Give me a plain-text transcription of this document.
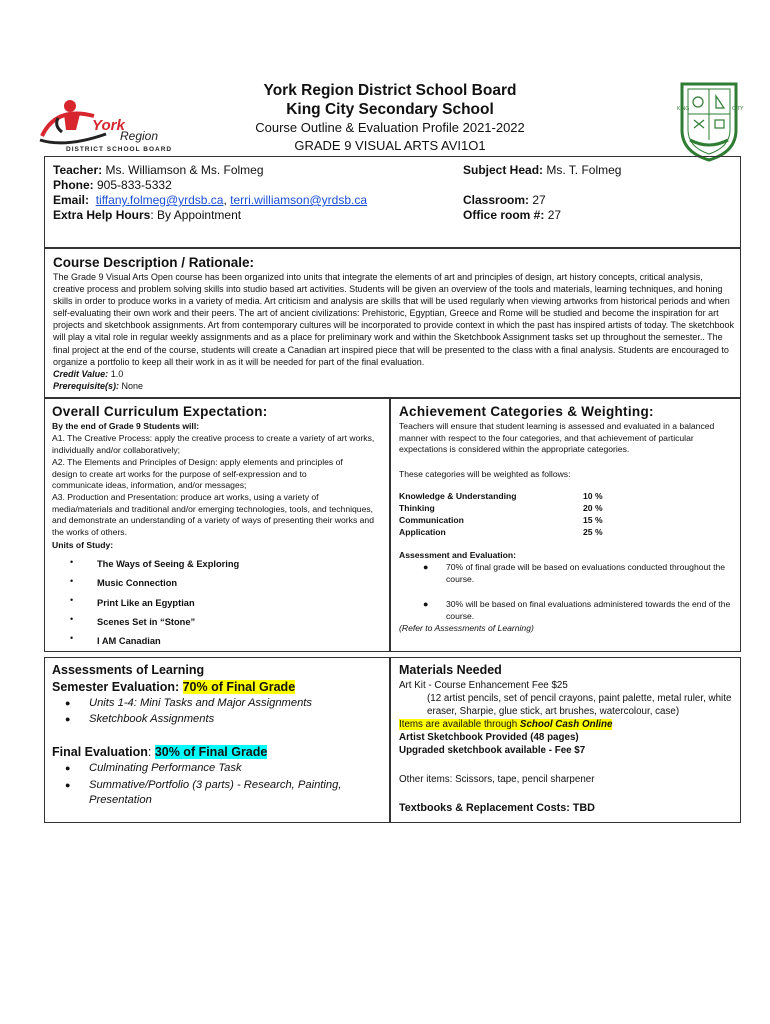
York
Region
DISTRICT SCHOOL BOARD
KING	CITY
York Region District School Board
King City Secondary School
Course Outline & Evaluation Profile 2021-2022
GRADE 9 VISUAL ARTS AVI1O1
Teacher: Ms. Williamson & Ms. Folmeg
Phone: 905-833-5332
Email: tiffany.folmeg@yrdsb.ca, terri.williamson@yrdsb.ca
Extra Help Hours: By Appointment
Subject Head: Ms. T. Folmeg
Classroom: 27
Office room #: 27
Course Description / Rationale:
The Grade 9 Visual Arts Open course has been organized into units that integrate the elements of art and principles of design, art history concepts, critical analysis, creative process and problem solving skills into studio based art activities. Students will be given an overview of the tools and materials, learning techniques, and honing skills in order to produce works in a variety of media. Art criticism and analysis are skills that will be used regularly when viewing artworks from historical periods and when self-evaluating their own work and their peers. The art of ancient civilizations: Prehistoric, Egyptian, Greece and Rome will be studied and become the inspiration for art projects and sketchbook assignments. Art from contemporary cultures will be incorporated to provide context in which the past has inspired artists of today. The sketchbook will play a vital role in regular weekly assignments and as a place for preliminary work and within the Sketchbook Assignment tasks set up throughout the semester.. The final project at the end of the course, students will create a Canadian art inspired piece that will be presented to the class with a final analysis. Students are encouraged to organize a portfolio to keep all their work in as it will be needed for part of the final evaluation.
Credit Value: 1.0
Prerequisite(s): None
Overall Curriculum Expectation:
By the end of Grade 9 Students will:
A1. The Creative Process: apply the creative process to create a variety of art works, individually and/or collaboratively;
A2. The Elements and Principles of Design: apply elements and principles of design to create art works for the purpose of self-expression and to communicate ideas, information, and/or messages;
A3. Production and Presentation: produce art works, using a variety of media/materials and traditional and/or emerging technologies, tools, and techniques, and demonstrate an understanding of a variety of ways of presenting their works and the works of others.
Units of Study:
•	The Ways of Seeing & Exploring
•	Music Connection
•	Print Like an Egyptian
•	Scenes Set in “Stone”
•	I AM Canadian
Achievement Categories & Weighting:
Teachers will ensure that student learning is assessed and evaluated in a balanced manner with respect to the four categories, and that achievement of particular expectations is considered within the appropriate categories.
These categories will be weighted as follows:
Knowledge & Understanding	10 %
Thinking	20 %
Communication	15 %
Application	25 %
Assessment and Evaluation:
● 70% of final grade will be based on evaluations conducted throughout the course.
● 30% will be based on final evaluations administered towards the end of the course.
(Refer to Assessments of Learning)
Assessments of Learning
Semester Evaluation: 70% of Final Grade
● Units 1-4: Mini Tasks and Major Assignments
● Sketchbook Assignments
Final Evaluation: 30% of Final Grade
● Culminating Performance Task
● Summative/Portfolio (3 parts) - Research, Painting, Presentation
Materials Needed
Art Kit - Course Enhancement Fee $25
(12 artist pencils, set of pencil crayons, paint palette, metal ruler, white eraser, Sharpie, glue stick, art brushes, watercolour, case)
Items are available through School Cash Online
Artist Sketchbook Provided (48 pages)
Upgraded sketchbook available - Fee $7
Other items: Scissors, tape, pencil sharpener
Textbooks & Replacement Costs: TBD
